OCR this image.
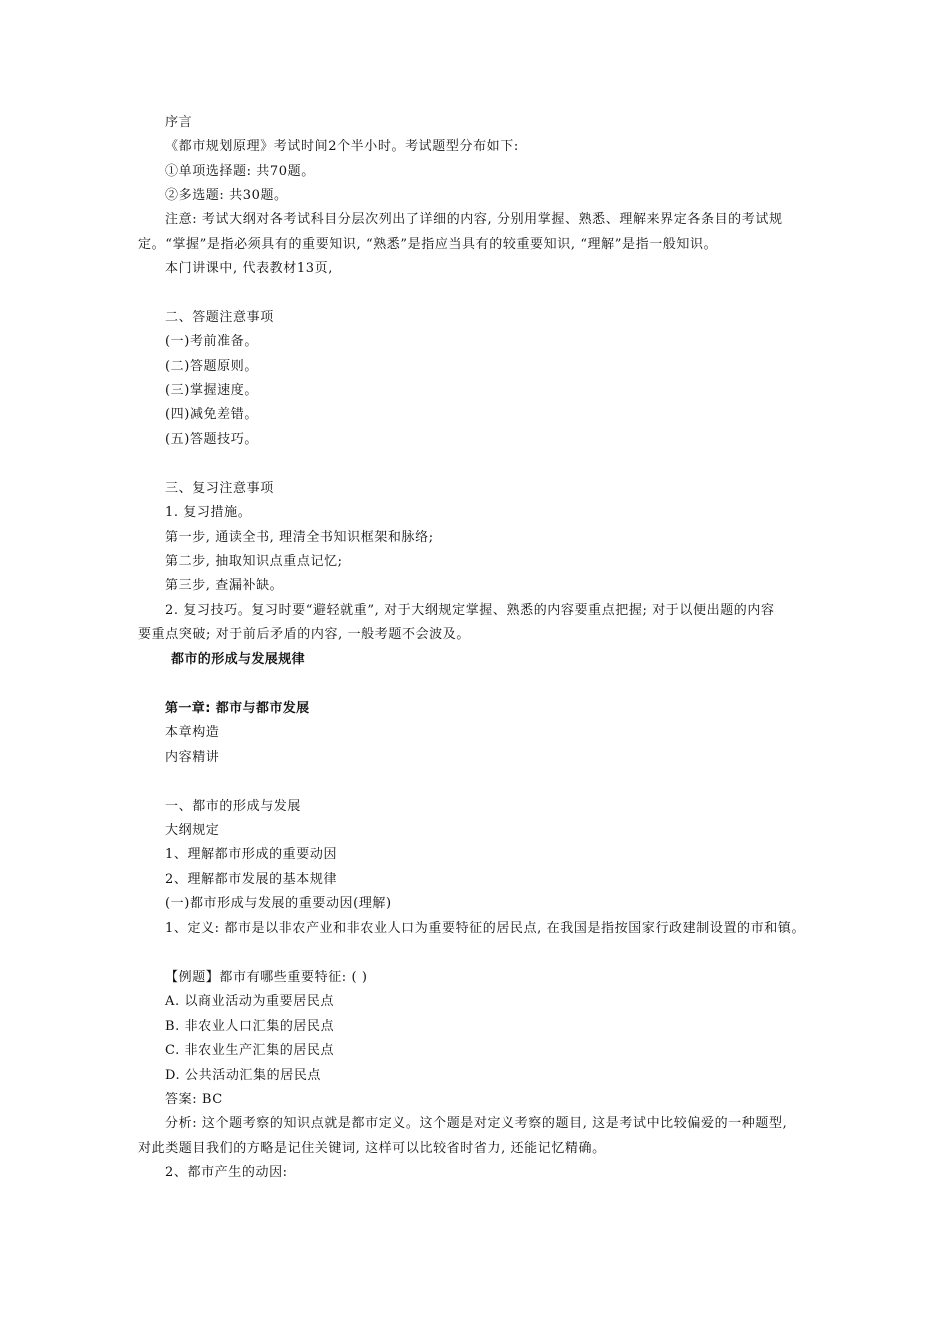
序言
《都市规划原理》考试时间2个半小时。考试题型分布如下:
①单项选择题: 共70题。
②多选题: 共30题。
注意: 考试大纲对各考试科目分层次列出了详细的内容, 分别用掌握、熟悉、理解来界定各条目的考试规
定。“掌握”是指必须具有的重要知识, “熟悉”是指应当具有的较重要知识, “理解”是指一般知识。
本门讲课中, 代表教材13页,
二、答题注意事项
(一)考前准备。
(二)答题原则。
(三)掌握速度。
(四)减免差错。
(五)答题技巧。
三、复习注意事项
1. 复习措施。
第一步, 通读全书, 理清全书知识框架和脉络;
第二步, 抽取知识点重点记忆;
第三步, 查漏补缺。
2. 复习技巧。复习时要“避轻就重”, 对于大纲规定掌握、熟悉的内容要重点把握; 对于以便出题的内容
要重点突破; 对于前后矛盾的内容, 一般考题不会波及。
都市的形成与发展规律
第一章: 都市与都市发展
本章构造
内容精讲
一、都市的形成与发展
大纲规定
1、理解都市形成的重要动因
2、理解都市发展的基本规律
(一)都市形成与发展的重要动因(理解)
1、定义: 都市是以非农产业和非农业人口为重要特征的居民点, 在我国是指按国家行政建制设置的市和镇。
【例题】都市有哪些重要特征: ( )
A. 以商业活动为重要居民点
B. 非农业人口汇集的居民点
C. 非农业生产汇集的居民点
D. 公共活动汇集的居民点
答案: BC
分析: 这个题考察的知识点就是都市定义。这个题是对定义考察的题目, 这是考试中比较偏爱的一种题型,
对此类题目我们的方略是记住关键词, 这样可以比较省时省力, 还能记忆精确。
2、都市产生的动因:
